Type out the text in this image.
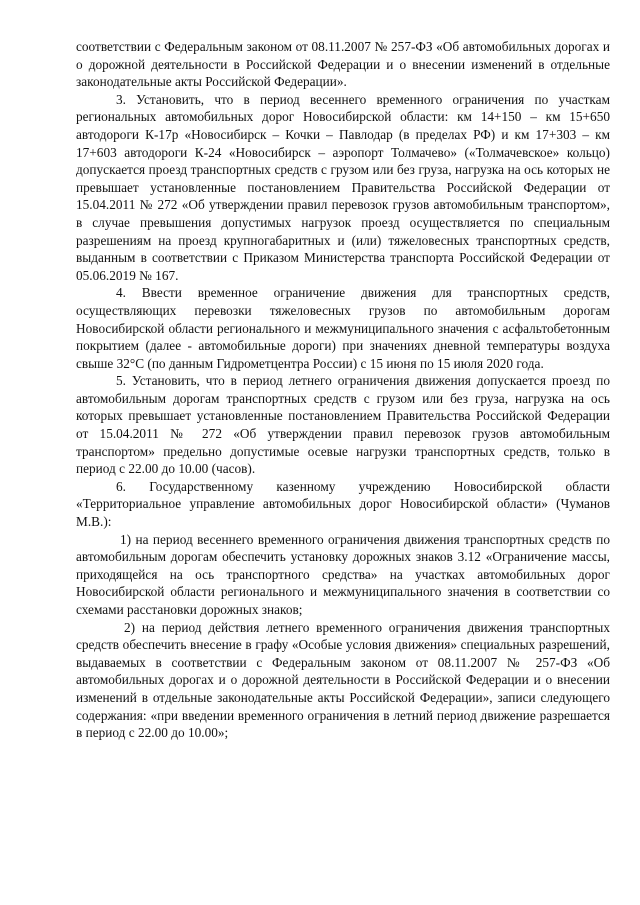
соответствии с Федеральным законом от 08.11.2007 № 257-ФЗ «Об автомобильных дорогах и о дорожной деятельности в Российской Федерации и о внесении изменений в отдельные законодательные акты Российской Федерации».

3. Установить, что в период весеннего временного ограничения по участкам региональных автомобильных дорог Новосибирской области: км 14+150 – км 15+650 автодороги К-17р «Новосибирск – Кочки – Павлодар (в пределах РФ) и км 17+303 – км 17+603 автодороги К-24 «Новосибирск – аэропорт Толмачево» («Толмачевское» кольцо) допускается проезд транспортных средств с грузом или без груза, нагрузка на ось которых не превышает установленные постановлением Правительства Российской Федерации от 15.04.2011 № 272 «Об утверждении правил перевозок грузов автомобильным транспортом», в случае превышения допустимых нагрузок проезд осуществляется по специальным разрешениям на проезд крупногабаритных и (или) тяжеловесных транспортных средств, выданным в соответствии с Приказом Министерства транспорта Российской Федерации от 05.06.2019 № 167.

4. Ввести временное ограничение движения для транспортных средств, осуществляющих перевозки тяжеловесных грузов по автомобильным дорогам Новосибирской области регионального и межмуниципального значения с асфальтобетонным покрытием (далее - автомобильные дороги) при значениях дневной температуры воздуха свыше 32°С (по данным Гидрометцентра России) с 15 июня по 15 июля 2020 года.

5. Установить, что в период летнего ограничения движения допускается проезд по автомобильным дорогам транспортных средств с грузом или без груза, нагрузка на ось которых превышает установленные постановлением Правительства Российской Федерации от 15.04.2011 № 272 «Об утверждении правил перевозок грузов автомобильным транспортом» предельно допустимые осевые нагрузки транспортных средств, только в период с 22.00 до 10.00 (часов).

6. Государственному казенному учреждению Новосибирской области «Территориальное управление автомобильных дорог Новосибирской области» (Чуманов М.В.):

1) на период весеннего временного ограничения движения транспортных средств по автомобильным дорогам обеспечить установку дорожных знаков 3.12 «Ограничение массы, приходящейся на ось транспортного средства» на участках автомобильных дорог Новосибирской области регионального и межмуниципального значения в соответствии со схемами расстановки дорожных знаков;

2) на период действия летнего временного ограничения движения транспортных средств обеспечить внесение в графу «Особые условия движения» специальных разрешений, выдаваемых в соответствии с Федеральным законом от 08.11.2007 № 257-ФЗ «Об автомобильных дорогах и о дорожной деятельности в Российской Федерации и о внесении изменений в отдельные законодательные акты Российской Федерации», записи следующего содержания: «при введении временного ограничения в летний период движение разрешается в период с 22.00 до 10.00»;
